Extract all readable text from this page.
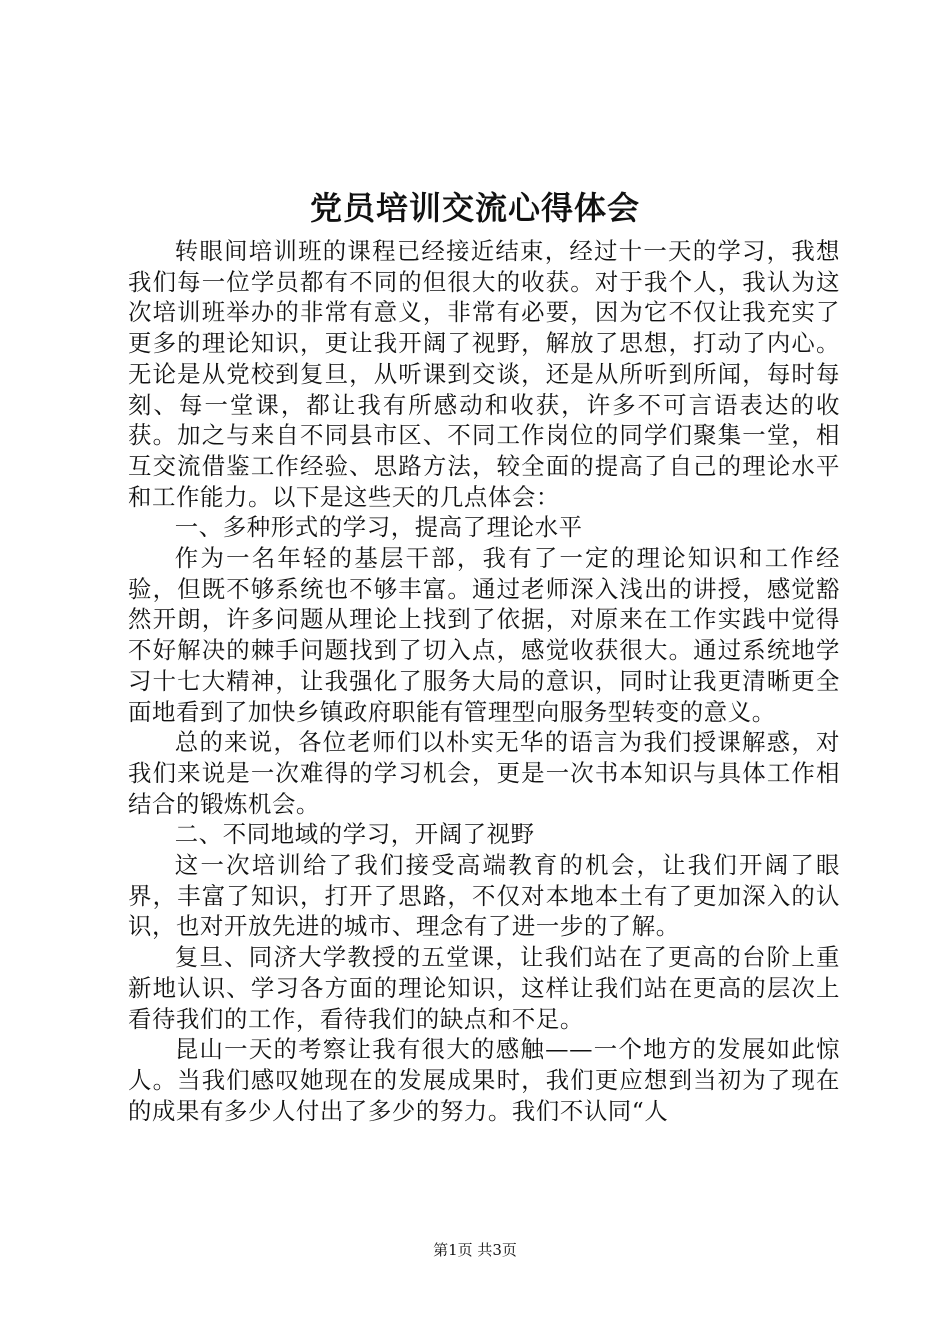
党员培训交流心得体会

转眼间培训班的课程已经接近结束，经过十一天的学习，我想我们每一位学员都有不同的但很大的收获。对于我个人，我认为这次培训班举办的非常有意义，非常有必要，因为它不仅让我充实了更多的理论知识，更让我开阔了视野，解放了思想，打动了内心。无论是从党校到复旦，从听课到交谈，还是从所听到所闻，每时每刻、每一堂课，都让我有所感动和收获，许多不可言语表达的收获。加之与来自不同县市区、不同工作岗位的同学们聚集一堂，相互交流借鉴工作经验、思路方法，较全面的提高了自己的理论水平和工作能力。以下是这些天的几点体会：

一、多种形式的学习，提高了理论水平

作为一名年轻的基层干部，我有了一定的理论知识和工作经验，但既不够系统也不够丰富。通过老师深入浅出的讲授，感觉豁然开朗，许多问题从理论上找到了依据，对原来在工作实践中觉得不好解决的棘手问题找到了切入点，感觉收获很大。通过系统地学习十七大精神，让我强化了服务大局的意识，同时让我更清晰更全面地看到了加快乡镇政府职能有管理型向服务型转变的意义。

总的来说，各位老师们以朴实无华的语言为我们授课解惑，对我们来说是一次难得的学习机会，更是一次书本知识与具体工作相结合的锻炼机会。

二、不同地域的学习，开阔了视野

这一次培训给了我们接受高端教育的机会，让我们开阔了眼界，丰富了知识，打开了思路，不仅对本地本土有了更加深入的认识，也对开放先进的城市、理念有了进一步的了解。

复旦、同济大学教授的五堂课，让我们站在了更高的台阶上重新地认识、学习各方面的理论知识，这样让我们站在更高的层次上看待我们的工作，看待我们的缺点和不足。

昆山一天的考察让我有很大的感触——一个地方的发展如此惊人。当我们感叹她现在的发展成果时，我们更应想到当初为了现在的成果有多少人付出了多少的努力。我们不认同“人

第1页 共3页
